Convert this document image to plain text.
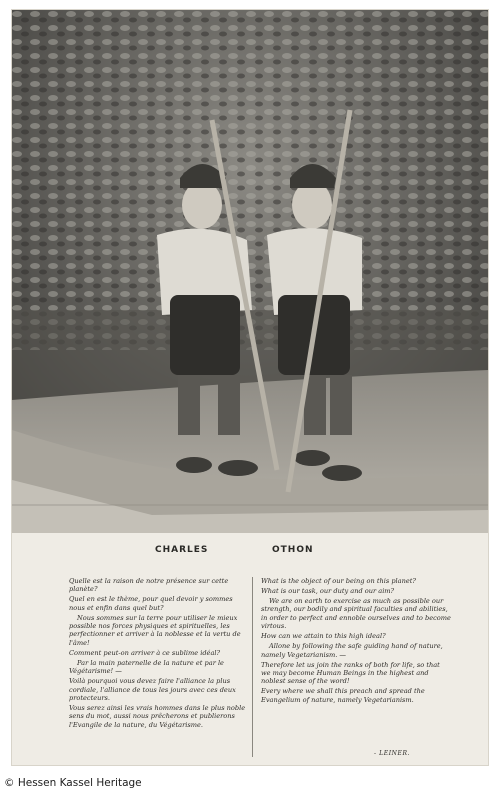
CHARLES	OTHON

Quelle est la raison de notre présence sur cette planète?

Quel en est le thème, pour quel devoir y sommes nous et enfin dans quel but?

Nous sommes sur la terre pour utiliser le mieux possible nos forces physiques et spirituelles, les perfectionner et arriver à la noblesse et la vertu de l'âme!

Comment peut-on arriver à ce sublime idéal?

Par la main paternelle de la nature et par le Végétarisme! —

Voilà pourquoi vous devez faire l'alliance la plus cordiale, l'alliance de tous les jours avec ces deux protecteurs.

Vous serez ainsi les vrais hommes dans le plus noble sens du mot, aussi nous prêcherons et publierons l'Evangile de la nature, du Végétarisme.

What is the object of our being on this planet?

What is our task, our duty and our aim?

We are on earth to exercise as much as possible our strength, our bodily and spiritual faculties and abilities, in order to perfect and ennoble ourselves and to become virtous.

How can we attain to this high ideal?

Allone by following the safe guiding hand of nature, namely Vegetarianism. —

Therefore let us join the ranks of both for life, so that we may become Human Beings in the highest and noblest sense of the word!

Every where we shall this preach and spread the Evangelium of nature, namely Vegetarianism.

- LEINER.
© Hessen Kassel Heritage
